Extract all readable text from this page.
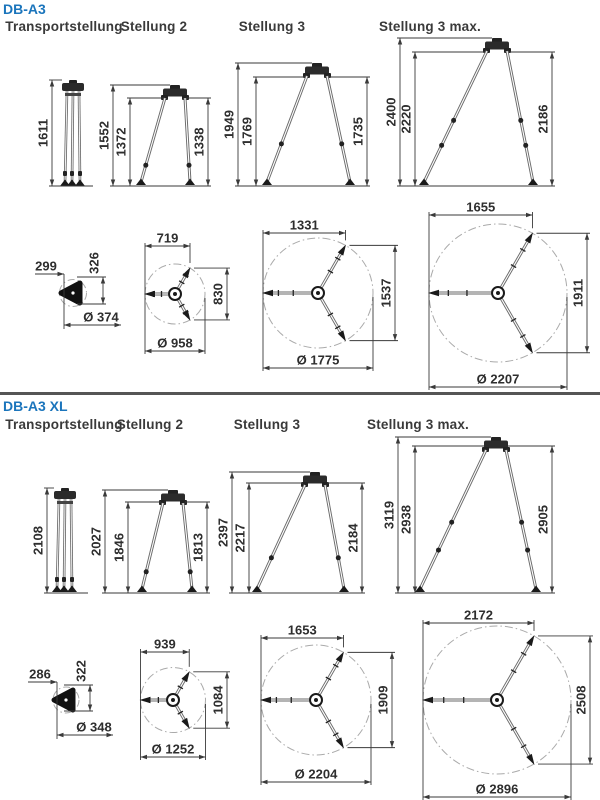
DB-A3
Transportstellung
Stellung 2	Stellung 3	Stellung 3 max.
DB-A3 XL
Transportstellung
Stellung 2	Stellung 3	Stellung 3 max.
1611	1552 1372	1338
1949 1769	1735
2400 2220	2186
299 326
Ø 374
719
830
Ø 958
1331
1537
Ø 1775
1655
1911
Ø 2207
2108	2027 1846	1813
2397 2217	2184
3119 2938	2905
286 322
Ø 348
939
1084
Ø 1252
1653
1909
Ø 2204
2172
2508
Ø 2896
